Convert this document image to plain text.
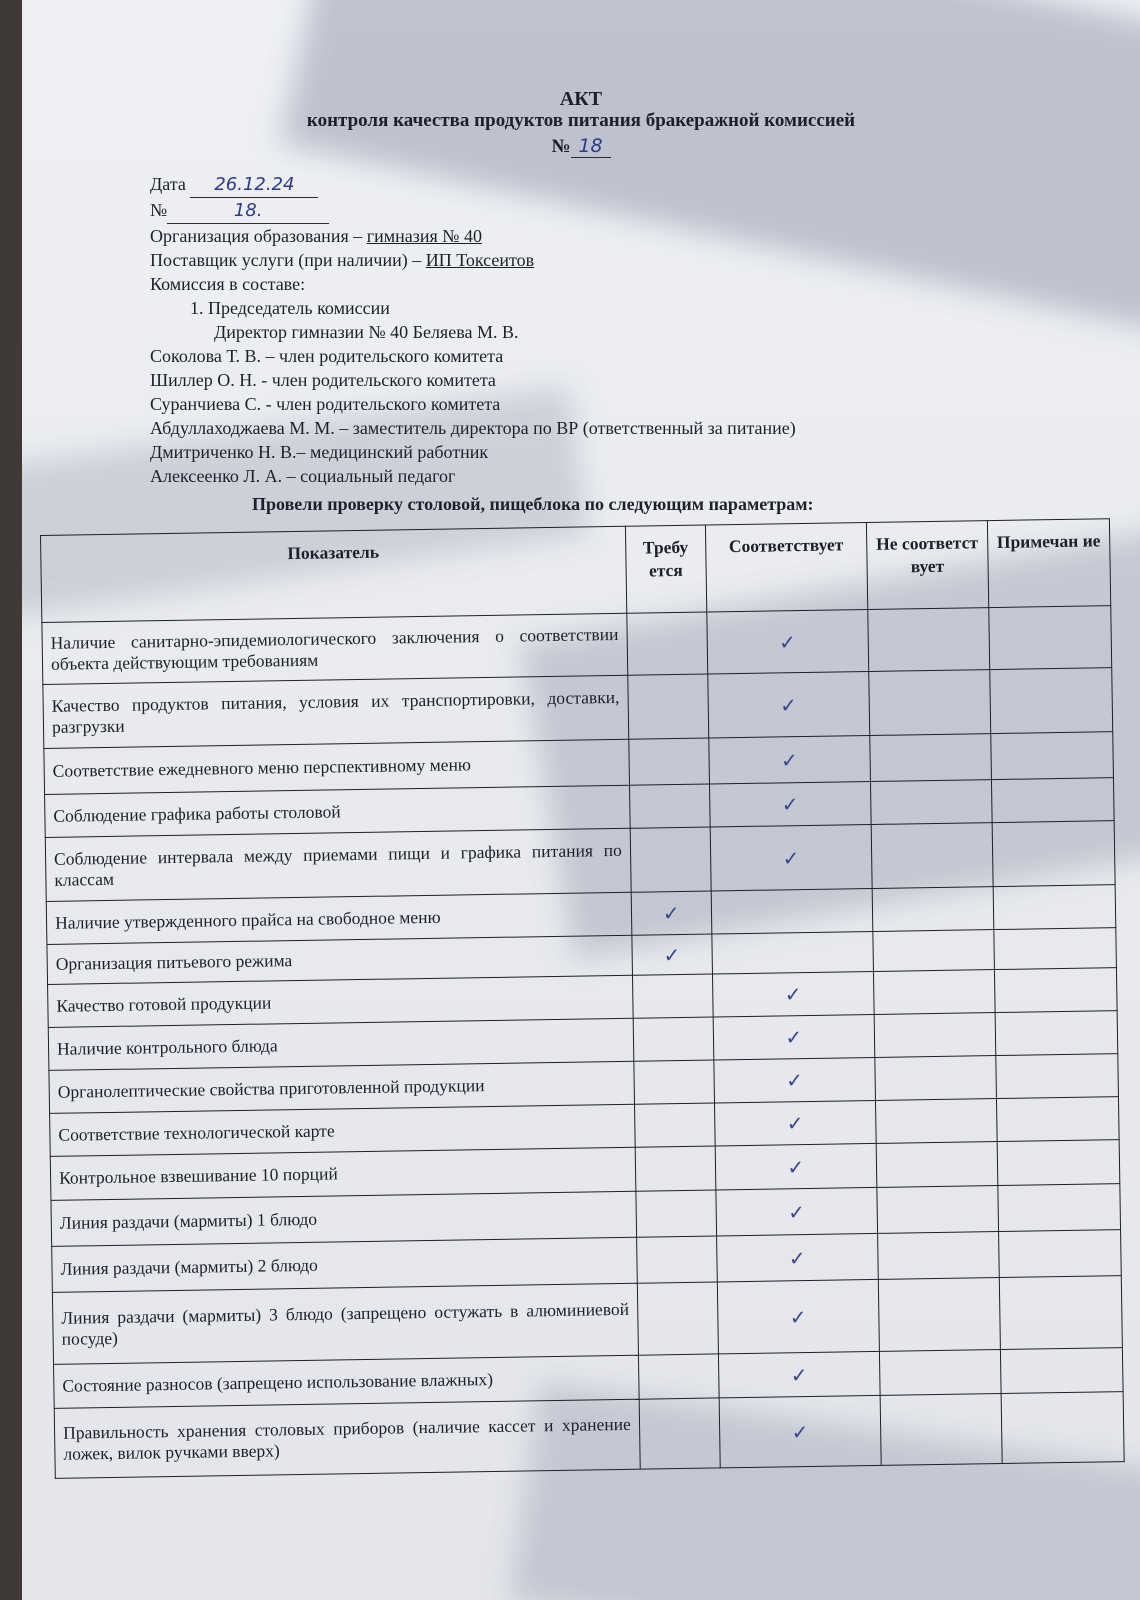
АКТ
контроля качества продуктов питания бракеражной комиссией
№ 18
Дата 26.12.24
№	18.
Организация образования – гимназия № 40
Поставщик услуги (при наличии) – ИП Токсеитов
Комиссия в составе:
1. Председатель комиссии
Директор гимназии № 40 Беляева М. В.
Соколова Т. В. – член родительского комитета
Шиллер О. Н. - член родительского комитета
Суранчиева С. - член родительского комитета
Абдуллаходжаева М. М. – заместитель директора по ВР (ответственный за питание)
Дмитриченко Н. В.– медицинский работник
Алексеенко Л. А. – социальный педагог
Провели проверку столовой, пищеблока по следующим параметрам:
Показатель	Требу ется	Соответствует	Не соответст вует	Примечан ие
Наличие санитарно-эпидемиологического заключения о соответствии объекта действующим требованиям		✓		
Качество продуктов питания, условия их транспортировки, доставки, разгрузки		✓		
Соответствие ежедневного меню перспективному меню		✓		
Соблюдение графика работы столовой		✓		
Соблюдение интервала между приемами пищи и графика питания по классам		✓		
Наличие утвержденного прайса на свободное меню	✓			
Организация питьевого режима	✓			
Качество готовой продукции		✓		
Наличие контрольного блюда		✓		
Органолептические свойства приготовленной продукции		✓		
Соответствие технологической карте		✓		
Контрольное взвешивание 10 порций		✓		
Линия раздачи (мармиты) 1 блюдо		✓		
Линия раздачи (мармиты) 2 блюдо		✓		
Линия раздачи (мармиты) 3 блюдо (запрещено остужать в алюминиевой посуде)		✓		
Состояние разносов (запрещено использование влажных)		✓		
Правильность хранения столовых приборов (наличие кассет и хранение ложек, вилок ручками вверх)		✓		
